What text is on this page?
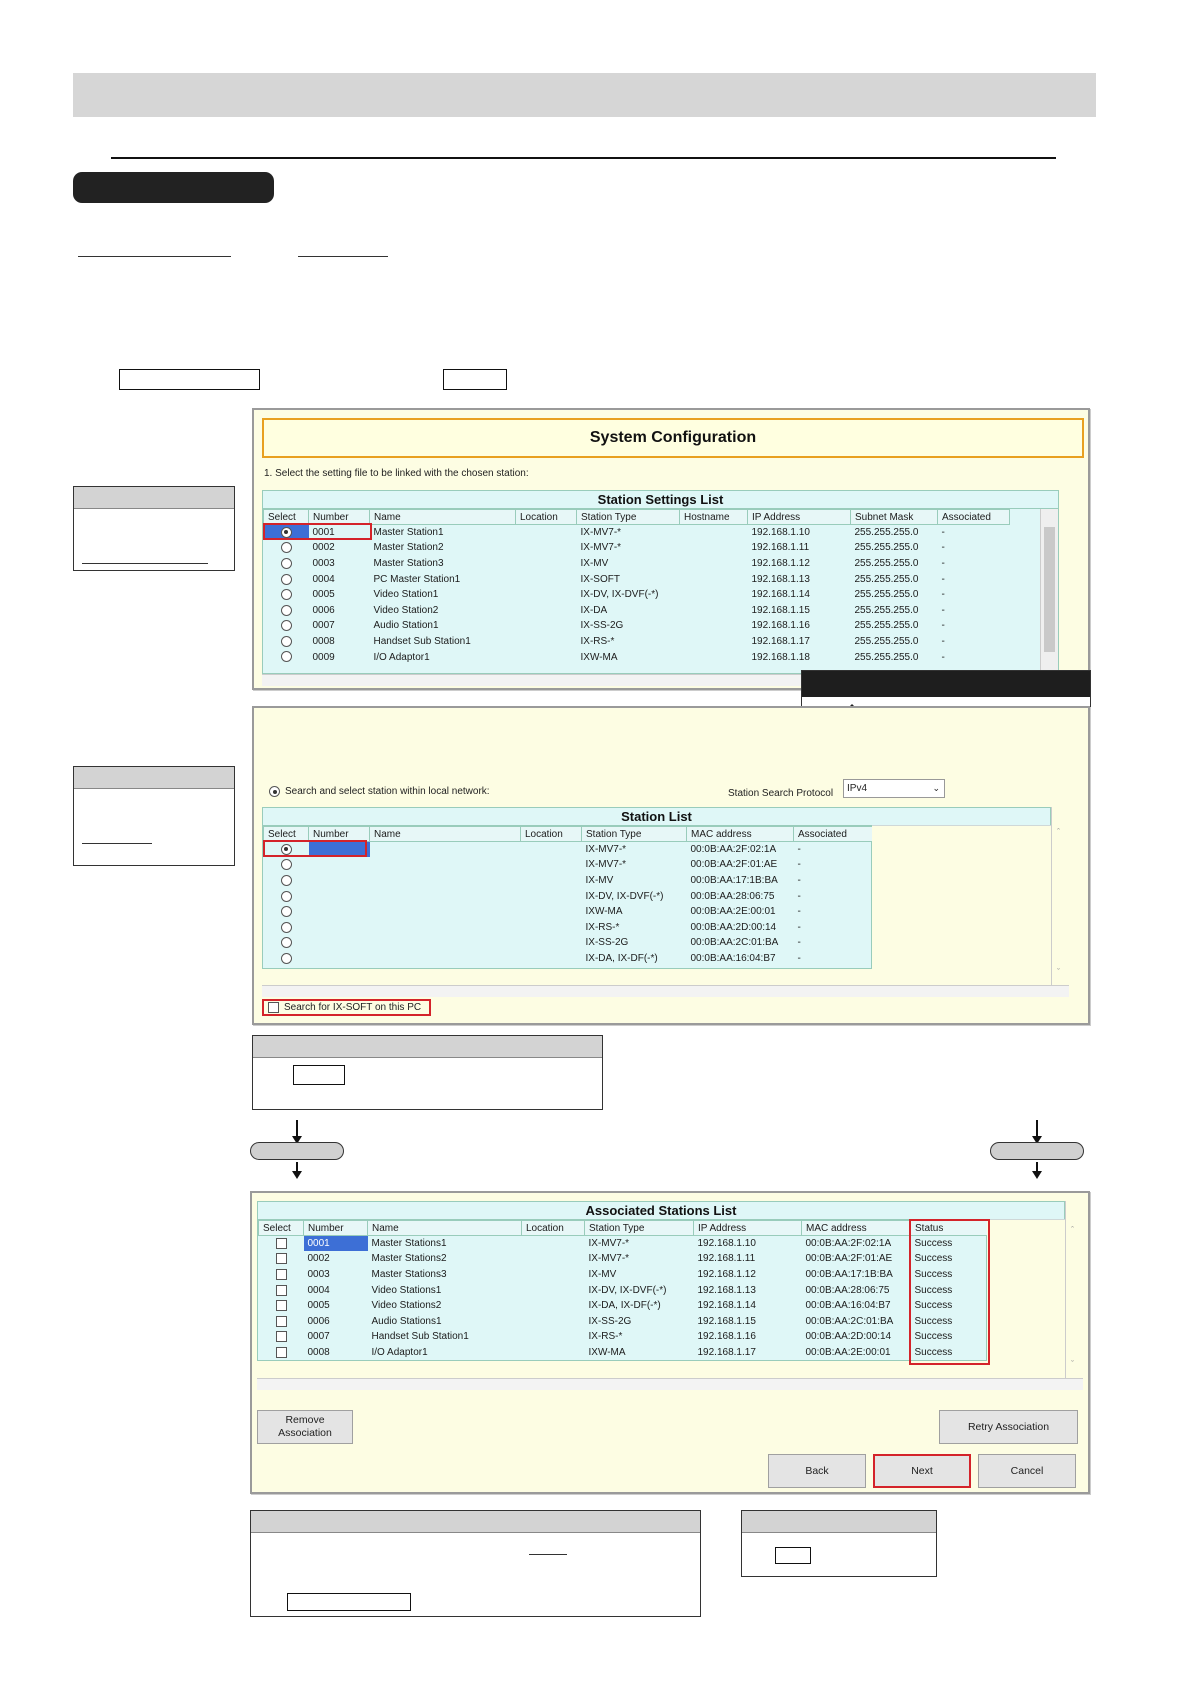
System Configuration
1. Select the setting file to be linked with the chosen station:
Station Settings List
Select	Number	Name	Location	Station Type	Hostname	IP Address	Subnet Mask	Associated
	0001	Master Station1		IX-MV7-*		192.168.1.10	255.255.255.0	-
	0002	Master Station2		IX-MV7-*		192.168.1.11	255.255.255.0	-
	0003	Master Station3		IX-MV		192.168.1.12	255.255.255.0	-
	0004	PC Master Station1		IX-SOFT		192.168.1.13	255.255.255.0	-
	0005	Video Station1		IX-DV, IX-DVF(-*)		192.168.1.14	255.255.255.0	-
	0006	Video Station2		IX-DA		192.168.1.15	255.255.255.0	-
	0007	Audio Station1		IX-SS-2G		192.168.1.16	255.255.255.0	-
	0008	Handset Sub Station1		IX-RS-*		192.168.1.17	255.255.255.0	-
	0009	I/O Adaptor1		IXW-MA		192.168.1.18	255.255.255.0	-
Search and select station within local network:	Station Search Protocol IPv4	⌄
Station List
Select	Number	Name	Location	Station Type	MAC address	Associated
				IX-MV7-*	00:0B:AA:2F:02:1A	-
				IX-MV7-*	00:0B:AA:2F:01:AE	-
				IX-MV	00:0B:AA:17:1B:BA	-
				IX-DV, IX-DVF(-*)	00:0B:AA:28:06:75	-
				IXW-MA	00:0B:AA:2E:00:01	-
				IX-RS-*	00:0B:AA:2D:00:14	-
				IX-SS-2G	00:0B:AA:2C:01:BA	-
				IX-DA, IX-DF(-*)	00:0B:AA:16:04:B7	-
ˆ
ˇ
Search for IX-SOFT on this PC
Associated Stations List
Select	Number	Name	Location	Station Type	IP Address	MAC address	Status
	0001	Master Stations1		IX-MV7-*	192.168.1.10	00:0B:AA:2F:02:1A	Success
	0002	Master Stations2		IX-MV7-*	192.168.1.11	00:0B:AA:2F:01:AE	Success
	0003	Master Stations3		IX-MV	192.168.1.12	00:0B:AA:17:1B:BA	Success
	0004	Video Stations1		IX-DV, IX-DVF(-*)	192.168.1.13	00:0B:AA:28:06:75	Success
	0005	Video Stations2		IX-DA, IX-DF(-*)	192.168.1.14	00:0B:AA:16:04:B7	Success
	0006	Audio Stations1		IX-SS-2G	192.168.1.15	00:0B:AA:2C:01:BA	Success
	0007	Handset Sub Station1		IX-RS-*	192.168.1.16	00:0B:AA:2D:00:14	Success
	0008	I/O Adaptor1		IXW-MA	192.168.1.17	00:0B:AA:2E:00:01	Success
ˆ
ˇ
Remove Association
Retry Association
Back	Next	Cancel
